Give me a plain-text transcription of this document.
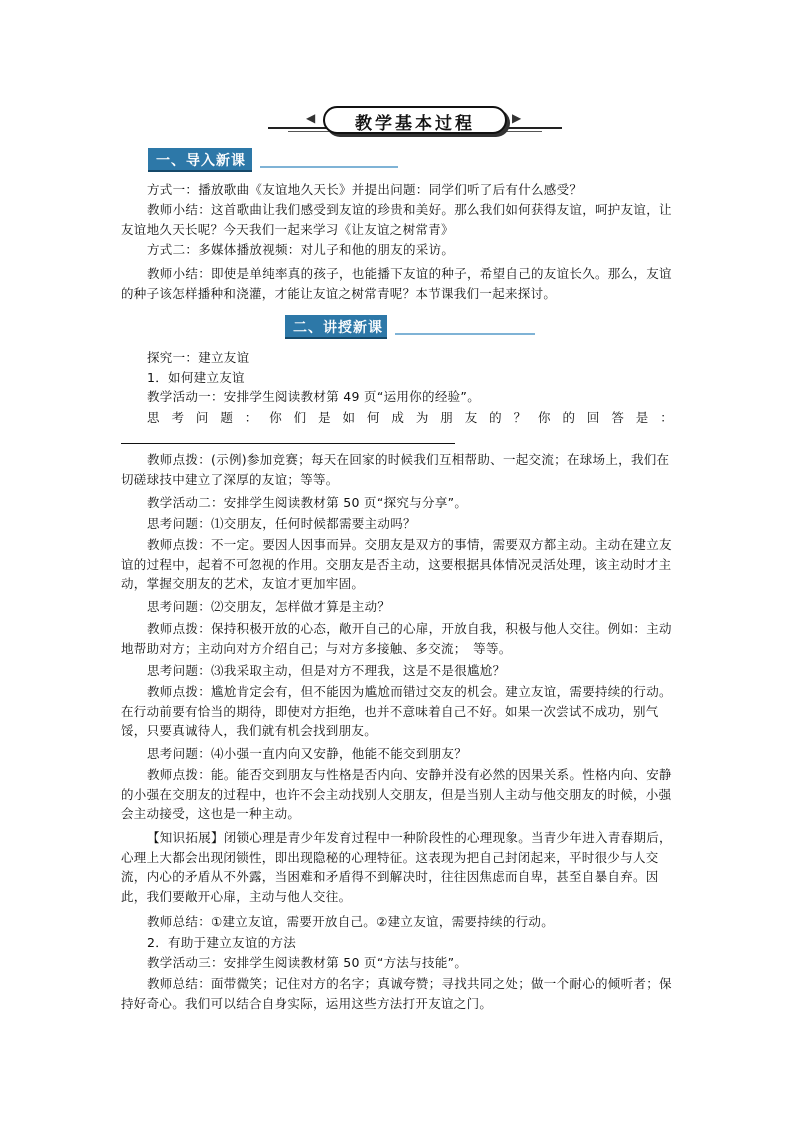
◀	▶
教学基本过程
一、导入新课
方式一：播放歌曲《友谊地久天长》并提出问题：同学们听了后有什么感受？
教师小结：这首歌曲让我们感受到友谊的珍贵和美好。那么我们如何获得友谊，呵护友谊，让友谊地久天长呢？今天我们一起来学习《让友谊之树常青》
方式二：多媒体播放视频：对儿子和他的朋友的采访。
教师小结：即使是单纯率真的孩子，也能播下友谊的种子，希望自己的友谊长久。那么，友谊的种子该怎样播种和浇灌，才能让友谊之树常青呢？本节课我们一起来探讨。
二、讲授新课
探究一：建立友谊
1．如何建立友谊
教学活动一：安排学生阅读教材第 49 页“运用你的经验”。
思考问题：你们是如何成为朋友的？你的回答是：
教师点拨：(示例)参加竞赛；每天在回家的时候我们互相帮助、一起交流；在球场上，我们在切磋球技中建立了深厚的友谊；等等。
教学活动二：安排学生阅读教材第 50 页“探究与分享”。
思考问题：⑴交朋友，任何时候都需要主动吗？
教师点拨：不一定。要因人因事而异。交朋友是双方的事情，需要双方都主动。主动在建立友谊的过程中，起着不可忽视的作用。交朋友是否主动，这要根据具体情况灵活处理，该主动时才主动，掌握交朋友的艺术，友谊才更加牢固。
思考问题：⑵交朋友，怎样做才算是主动？
教师点拨：保持积极开放的心态，敞开自己的心扉，开放自我，积极与他人交往。例如：主动地帮助对方；主动向对方介绍自己；与对方多接触、多交流；　等等。
思考问题：⑶我采取主动，但是对方不理我，这是不是很尴尬？
教师点拨：尴尬肯定会有，但不能因为尴尬而错过交友的机会。建立友谊，需要持续的行动。在行动前要有恰当的期待，即使对方拒绝，也并不意味着自己不好。如果一次尝试不成功，别气馁，只要真诚待人，我们就有机会找到朋友。
思考问题：⑷小强一直内向又安静，他能不能交到朋友？
教师点拨：能。能否交到朋友与性格是否内向、安静并没有必然的因果关系。性格内向、安静的小强在交朋友的过程中，也许不会主动找别人交朋友，但是当别人主动与他交朋友的时候，小强会主动接受，这也是一种主动。
【知识拓展】闭锁心理是青少年发育过程中一种阶段性的心理现象。当青少年进入青春期后，心理上大都会出现闭锁性，即出现隐秘的心理特征。这表现为把自己封闭起来，平时很少与人交流，内心的矛盾从不外露，当困难和矛盾得不到解决时，往往因焦虑而自卑，甚至自暴自弃。因此，我们要敞开心扉，主动与他人交往。
教师总结：①建立友谊，需要开放自己。②建立友谊，需要持续的行动。
2．有助于建立友谊的方法
教学活动三：安排学生阅读教材第 50 页“方法与技能”。
教师总结：面带微笑；记住对方的名字；真诚夸赞；寻找共同之处；做一个耐心的倾听者；保持好奇心。我们可以结合自身实际，运用这些方法打开友谊之门。
